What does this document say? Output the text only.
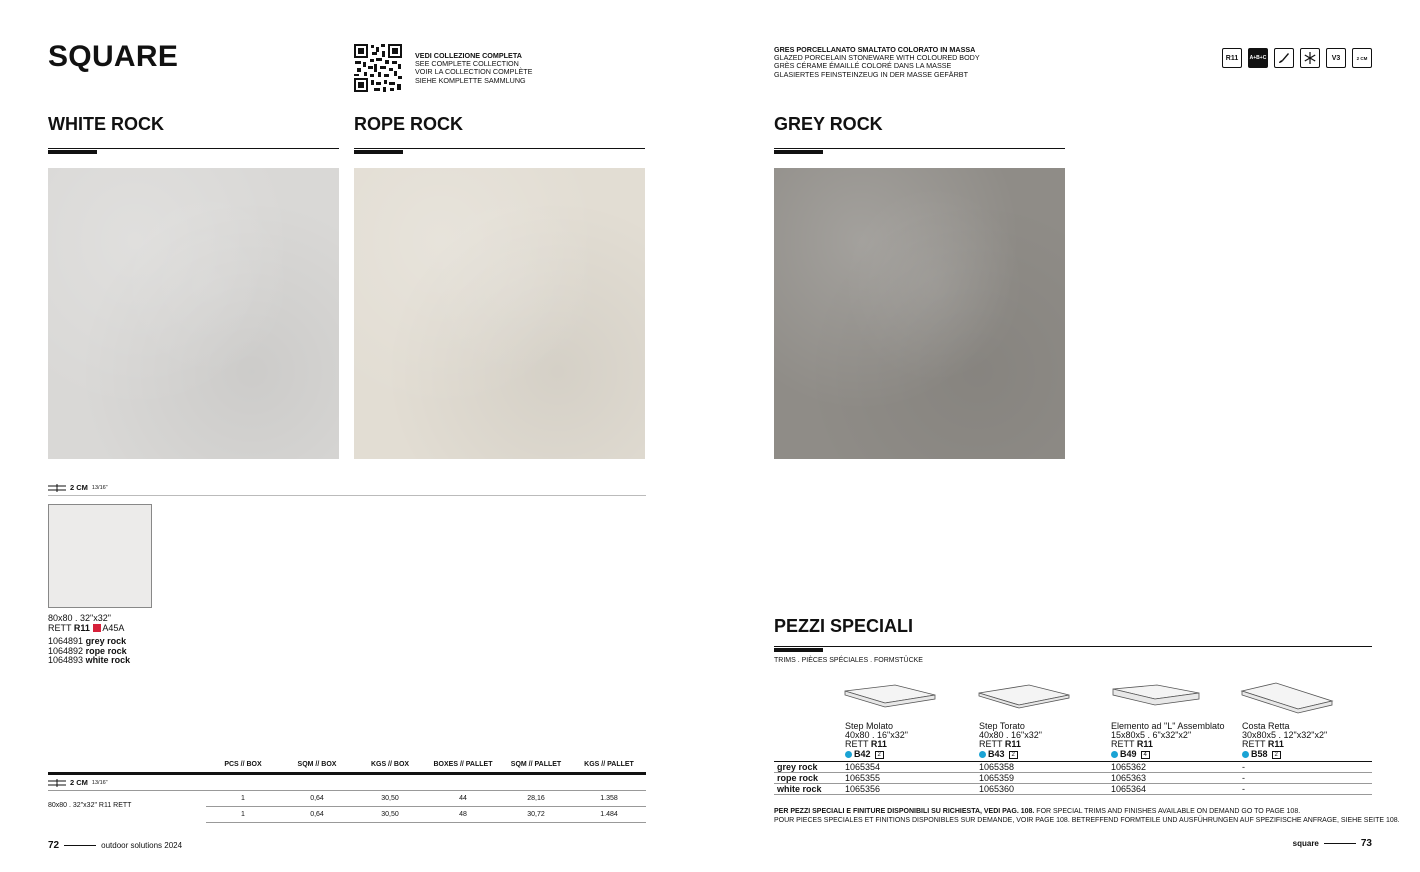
SQUARE	VEDI COLLEZIONE COMPLETA
SEE COMPLETE COLLECTION
VOIR LA COLLECTION COMPLÈTE
SIEHE KOMPLETTE SAMMLUNG
WHITE ROCK	ROPE ROCK
2 CM 13/16"
80x80 . 32"x32"
RETT R11 A45A
1064891 grey rock
1064892 rope rock
1064893 white rock
PCS // BOX	SQM // BOX	KGS // BOX	BOXES // PALLET	SQM // PALLET	KGS // PALLET
2 CM 13/16"
80x80 . 32"x32" R11 RETT
1	0,64	30,50	44	28,16	1.358
1	0,64	30,50	48	30,72	1.484
72	outdoor solutions 2024
GRES PORCELLANATO SMALTATO COLORATO IN MASSA
GLAZED PORCELAIN STONEWARE WITH COLOURED BODY
GRÈS CÉRAME ÉMAILLÉ COLORÉ DANS LA MASSE
GLASIERTES FEINSTEINZEUG IN DER MASSE GEFÄRBT
R11 A+B+C	V3	2 CM
GREY ROCK
PEZZI SPECIALI
TRIMS . PIÈCES SPÉCIALES . FORMSTÜCKE
Step Molato
40x80 . 16"x32"
RETT R11
B42 2
Step Torato
40x80 . 16"x32"
RETT R11
B43 2
Elemento ad "L" Assemblato
15x80x5 . 6"x32"x2"
RETT R11
B49 4
Costa Retta
30x80x5 . 12"x32"x2"
RETT R11
B58 2
grey rock	1065354	1065358	1065362	-
rope rock	1065355	1065359	1065363	-
white rock	1065356	1065360	1065364	-
PER PEZZI SPECIALI E FINITURE DISPONIBILI SU RICHIESTA, VEDI PAG. 108. FOR SPECIAL TRIMS AND FINISHES AVAILABLE ON DEMAND GO TO PAGE 108.
POUR PIECES SPECIALES ET FINITIONS DISPONIBLES SUR DEMANDE, VOIR PAGE 108. BETREFFEND FORMTEILE UND AUSFÜHRUNGEN AUF SPEZIFISCHE ANFRAGE, SIEHE SEITE 108.
square	73
